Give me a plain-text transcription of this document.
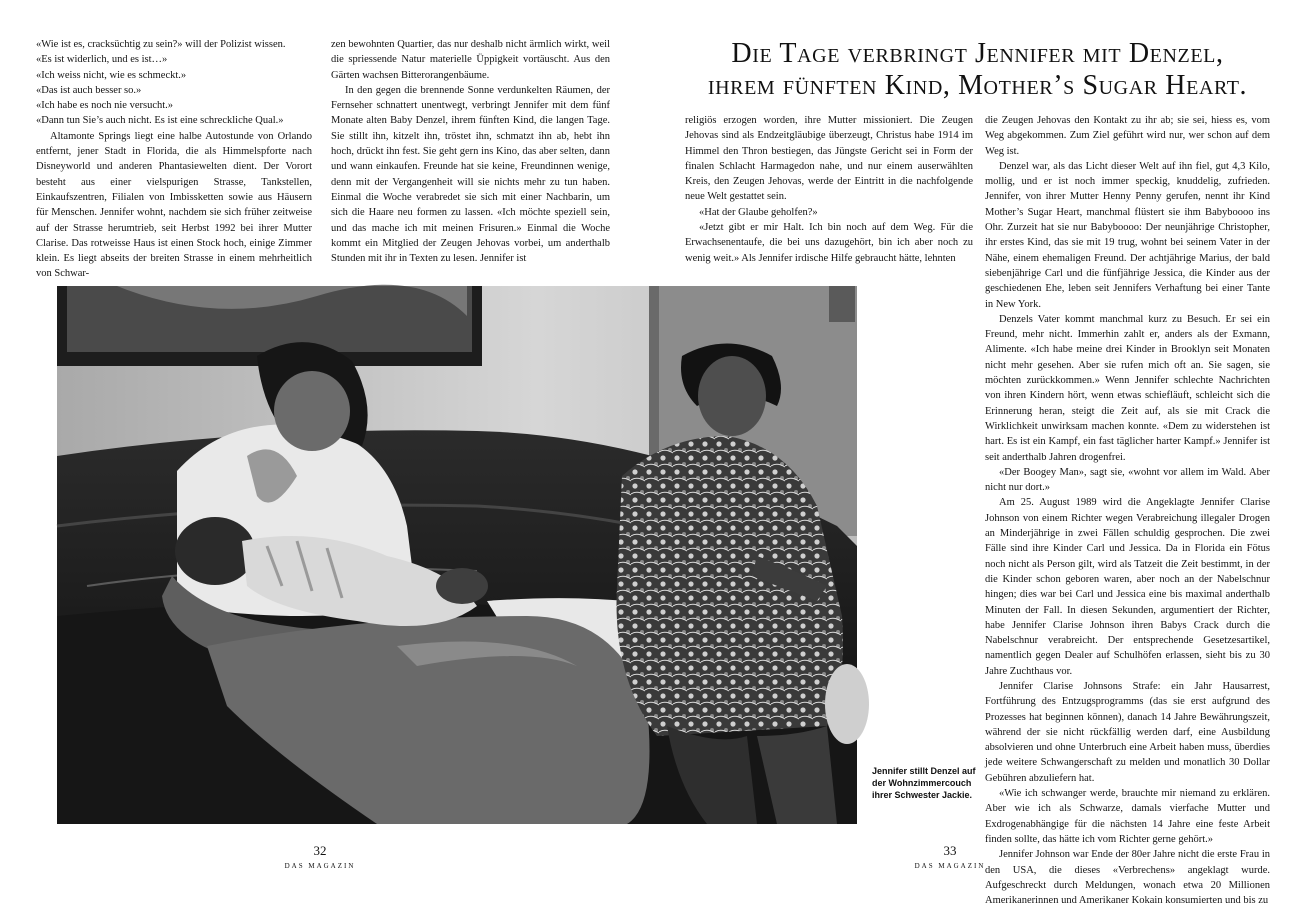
Die Tage verbringt Jennifer mit Denzel,
ihrem fünften Kind, Mother’s Sugar Heart.

«Wie ist es, cracksüchtig zu sein?» will der Polizist wissen.

«Es ist widerlich, und es ist…»

«Ich weiss nicht, wie es schmeckt.»

«Das ist auch besser so.»

«Ich habe es noch nie versucht.»

«Dann tun Sie’s auch nicht. Es ist eine schreckliche Qual.»

Altamonte Springs liegt eine halbe Autostunde von Orlando entfernt, jener Stadt in Florida, die als Himmelspforte nach Disneyworld und anderen Phantasiewelten dient. Der Vorort besteht aus einer vielspurigen Strasse, Tankstellen, Einkaufszentren, Filialen von Imbissketten sowie aus Häusern für Menschen. Jennifer wohnt, nachdem sie sich früher zeitweise auf der Strasse herumtrieb, seit Herbst 1992 bei ihrer Mutter Clarise. Das rotweisse Haus ist einen Stock hoch, einige Zimmer klein. Es liegt abseits der breiten Strasse in einem mehrheitlich von Schwar-

zen bewohnten Quartier, das nur deshalb nicht ärmlich wirkt, weil die spriessende Natur materielle Üppigkeit vortäuscht. Aus den Gärten wachsen Bitterorangenbäume.

In den gegen die brennende Sonne verdunkelten Räumen, der Fernseher schnattert unentwegt, verbringt Jennifer mit dem fünf Monate alten Baby Denzel, ihrem fünften Kind, die langen Tage. Sie stillt ihn, kitzelt ihn, tröstet ihn, schmatzt ihn ab, hebt ihn hoch, drückt ihn fest. Sie geht gern ins Kino, das aber selten, dann und wann einkaufen. Freunde hat sie keine, Freundinnen wenige, denn mit der Vergangenheit will sie nichts mehr zu tun haben. Einmal die Woche verabredet sie sich mit einer Nachbarin, um sich die Haare neu formen zu lassen. «Ich möchte speziell sein, und das mache ich mit meinen Frisuren.» Einmal die Woche kommt ein Mitglied der Zeugen Jehovas vorbei, um anderthalb Stunden mit ihr in Texten zu lesen. Jennifer ist

religiös erzogen worden, ihre Mutter missioniert. Die Zeugen Jehovas sind als Endzeitgläubige überzeugt, Christus habe 1914 im Himmel den Thron bestiegen, das Jüngste Gericht sei in Form der finalen Schlacht Harmagedon nahe, und nur einem auserwählten Kreis, den Zeugen Jehovas, werde der Eintritt in die nachfolgende neue Welt gestattet sein.

«Hat der Glaube geholfen?»

«Jetzt gibt er mir Halt. Ich bin noch auf dem Weg. Für die Erwachsenentaufe, die bei uns dazugehört, bin ich aber noch zu wenig weit.» Als Jennifer irdische Hilfe gebraucht hätte, lehnten

die Zeugen Jehovas den Kontakt zu ihr ab; sie sei, hiess es, vom Weg abgekommen. Zum Ziel geführt wird nur, wer schon auf dem Weg ist.

Denzel war, als das Licht dieser Welt auf ihn fiel, gut 4,3 Kilo, mollig, und er ist noch immer speckig, knuddelig, zufrieden. Jennifer, von ihrer Mutter Henny Penny gerufen, nennt ihr Kind Mother’s Sugar Heart, manchmal flüstert sie ihm Babyboooo ins Ohr. Zurzeit hat sie nur Babyboooo: Der neunjährige Christopher, ihr erstes Kind, das sie mit 19 trug, wohnt bei seinem Vater in der Nähe, einem ehemaligen Freund. Der achtjährige Marius, der bald siebenjährige Carl und die fünfjährige Jessica, die Kinder aus der geschiedenen Ehe, leben seit Jennifers Verhaftung bei einer Tante in New York.

Denzels Vater kommt manchmal kurz zu Besuch. Er sei ein Freund, mehr nicht. Immerhin zahlt er, anders als der Exmann, Alimente. «Ich habe meine drei Kinder in Brooklyn seit Monaten nicht mehr gesehen. Aber sie rufen mich oft an. Sie sagen, sie möchten zurückkommen.» Wenn Jennifer schlechte Nachrichten von ihren Kindern hört, wenn etwas schiefläuft, schleicht sich die Erinnerung heran, steigt die Zeit auf, als sie mit Crack die Wirklichkeit unwirksam machen konnte. «Dem zu widerstehen ist hart. Es ist ein Kampf, ein fast täglicher harter Kampf.» Jennifer ist seit anderthalb Jahren drogenfrei.

«Der Boogey Man», sagt sie, «wohnt vor allem im Wald. Aber nicht nur dort.»

Am 25. August 1989 wird die Angeklagte Jennifer Clarise Johnson von einem Richter wegen Verabreichung illegaler Drogen an Minderjährige in zwei Fällen schuldig gesprochen. Die zwei Fälle sind ihre Kinder Carl und Jessica. Da in Florida ein Fötus noch nicht als Person gilt, wird als Tatzeit die Zeit bestimmt, in der die Kinder schon geboren waren, aber noch an der Nabelschnur hingen; dies war bei Carl und Jessica eine bis maximal anderthalb Minuten der Fall. In diesen Sekunden, argumentiert der Richter, habe Jennifer Clarise Johnson ihren Babys Crack durch die Nabelschnur verabreicht. Der entsprechende Gesetzesartikel, namentlich gegen Dealer auf Schulhöfen erlassen, sieht bis zu 30 Jahre Zuchthaus vor.

Jennifer Clarise Johnsons Strafe: ein Jahr Hausarrest, Fortführung des Entzugsprogramms (das sie erst aufgrund des Prozesses hat beginnen können), danach 14 Jahre Bewährungszeit, während der sie nicht rückfällig werden darf, eine Ausbildung absolvieren und ohne Unterbruch eine Arbeit haben muss, überdies jede weitere Schwangerschaft zu melden und monatlich 30 Dollar Gebühren abzuliefern hat.

«Wie ich schwanger werde, brauchte mir niemand zu erklären. Aber wie ich als Schwarze, damals vierfache Mutter und Exdrogenabhängige für die nächsten 14 Jahre eine feste Arbeit finden sollte, das hätte ich vom Richter gerne gehört.»

Jennifer Johnson war Ende der 80er Jahre nicht die erste Frau in den USA, die dieses «Verbrechens» angeklagt wurde. Aufgeschreckt durch Meldungen, wonach etwa 20 Millionen Amerikanerinnen und Amerikaner Kokain konsumierten und bis zu

Jennifer stillt Denzel auf der Wohnzimmercouch ihrer Schwester Jackie.

32
DAS MAGAZIN
33
DAS MAGAZIN
